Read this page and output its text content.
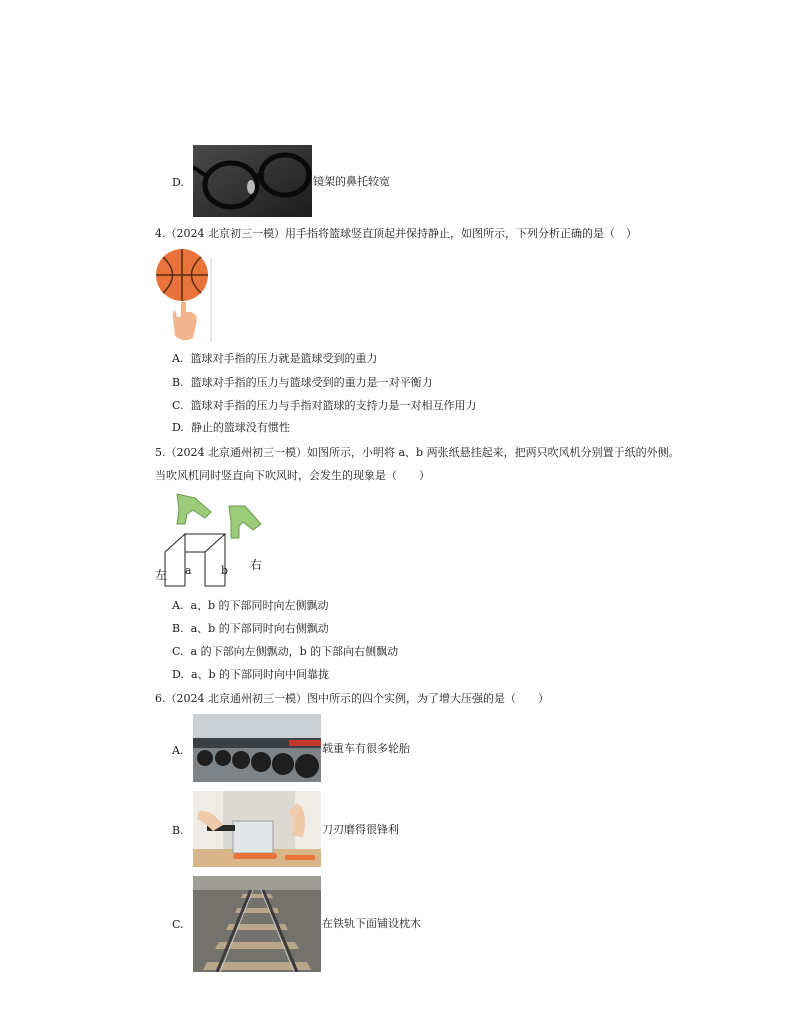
D.	镜架的鼻托较宽
4.（2024 北京初三一模）用手指将篮球竖直顶起并保持静止，如图所示，下列分析正确的是（　）
A. 篮球对手指的压力就是篮球受到的重力
B. 篮球对手指的压力与篮球受到的重力是一对平衡力
C. 篮球对手指的压力与手指对篮球的支持力是一对相互作用力
D. 静止的篮球没有惯性
5.（2024 北京通州初三一模）如图所示，小明将 a、b 两张纸悬挂起来，把两只吹风机分别置于纸的外侧。
当吹风机同时竖直向下吹风时，会发生的现象是（　　）
左
右
a	b
A. a、b 的下部同时向左侧飘动
B. a、b 的下部同时向右侧飘动
C. a 的下部向左侧飘动，b 的下部向右侧飘动
D. a、b 的下部同时向中间靠拢
6.（2024 北京通州初三一模）图中所示的四个实例，为了增大压强的是（　　）
A.	载重车有很多轮胎
B.	刀刃磨得很锋利
C.	在铁轨下面铺设枕木
